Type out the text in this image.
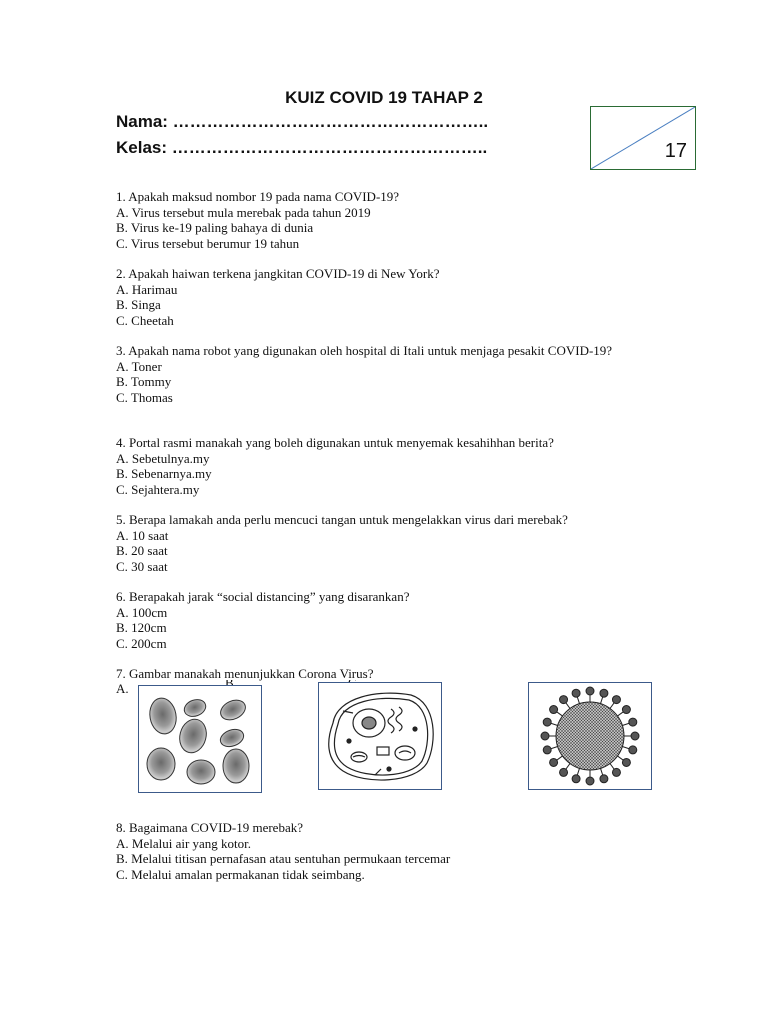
KUIZ COVID 19 TAHAP 2
Nama: ………………………………………………..
Kelas: ………………………………………………..	17

1. Apakah maksud nombor 19 pada nama COVID-19?

A. Virus tersebut mula merebak pada tahun 2019

B. Virus ke-19 paling bahaya di dunia

C. Virus tersebut berumur 19 tahun

2. Apakah haiwan terkena jangkitan COVID-19 di New York?

A. Harimau

B. Singa

C. Cheetah

3. Apakah nama robot yang digunakan oleh hospital di Itali untuk menjaga pesakit COVID-19?

A. Toner

B. Tommy

C. Thomas

4. Portal rasmi manakah yang boleh digunakan untuk menyemak kesahihhan berita?

A. Sebetulnya.my

B. Sebenarnya.my

C. Sejahtera.my

5. Berapa lamakah anda perlu mencuci tangan untuk mengelakkan virus dari merebak?

A. 10 saat

B. 20 saat

C. 30 saat

6. Berapakah jarak “social distancing” yang disarankan?

A. 100cm

B. 120cm

C. 200cm

7. Gambar manakah menunjukkan Corona Virus?

A.

8. Bagaimana COVID-19 merebak?

A. Melalui air yang kotor.

B. Melalui titisan pernafasan atau sentuhan permukaan tercemar

C. Melalui amalan permakanan tidak seimbang.
